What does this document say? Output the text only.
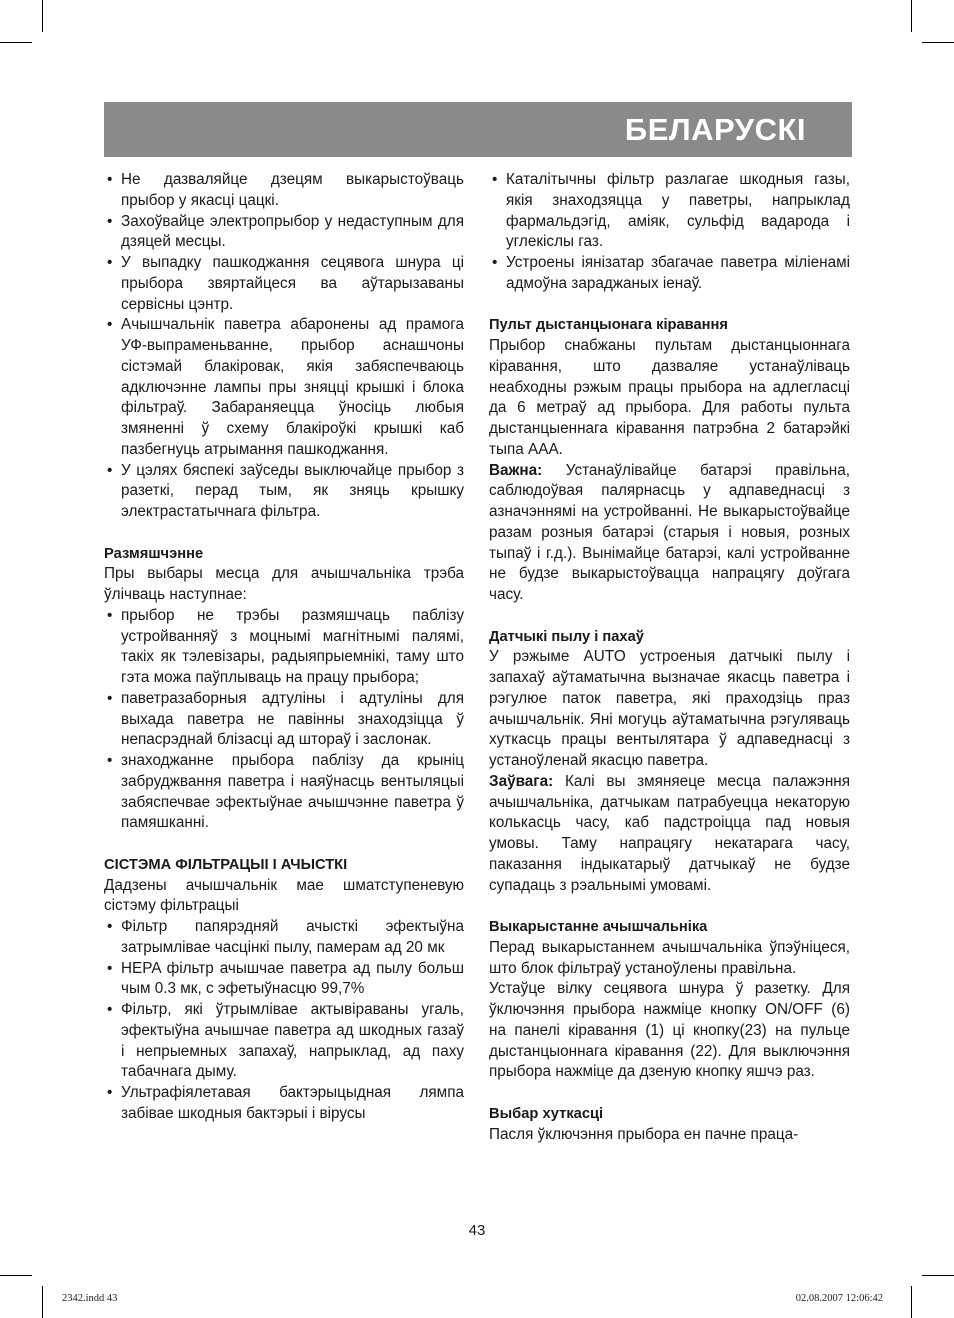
БЕЛАРУСКІ
• Не дазваляйце дзецям выкарыстоўваць прыбор у якасці цацкі.
• Захоўвайце электропрыбор у недаступным для дзяцей месцы.
• У выпадку пашкоджання сецявога шнура ці прыбора звяртайцеся ва аўтарызаваны сервісны цэнтр.
• Ачышчальнік паветра абаронены ад прамога УФ-выпраменьванне, прыбор аснашчоны сістэмай блакіровак, якія забяспечваюць адключэнне лампы пры зняцці крышкі і блока фільтраў. Забараняецца ўносіць любыя змяненні ў схему блакіроўкі крышкі каб пазбегнуць атрымання пашкоджання.
• У цэлях бяспекі заўседы выключайце прыбор з разеткі, перад тым, як зняць крышку электрастатычнага фільтра.
Размяшчэнне

Пры выбары месца для ачышчальніка трэба ўлічваць наступнае:

• прыбор не трэбы размяшчаць паблізу устройванняў з моцнымі магнітнымі палямі, такіх як тэлевізары, радыяпрыемнікі, таму што гэта можа паўплываць на працу прыбора;
• паветразаборныя адтуліны і адтуліны для выхада паветра не павінны знаходзіцца ў непасрэднай блізасці ад штораў і заслонак.
• знаходжанне прыбора паблізу да крыніц забруджвання паветра і наяўнасць вентыляцыі забяспечвае эфектыўнае ачышчэнне паветра ў памяшканні.
СІСТЭМА ФІЛЬТРАЦЫІ І АЧЫСТКІ

Дадзены ачышчальнік мае шматступеневую сістэму фільтрацыі

• Фільтр папярэдняй ачысткі эфектыўна затрымлівае часцінкі пылу, памерам ад 20 мк
• HEPA фільтр ачышчае паветра ад пылу больш чым 0.3 мк, с эфетыўнасцю 99,7%
• Фільтр, які ўтрымлівае актывіраваны угаль, эфектыўна ачышчае паветра ад шкодных газаў і непрыемных запахаў, напрыклад, ад паху табачнага дыму.
• Ультрафіялетавая бактэрыцыдная лямпа забівае шкодныя бактэрыі і вірусы
• Каталітычны фільтр разлагае шкодныя газы, якія знаходзяцца у паветры, напрыклад фармальдэгід, аміяк, сульфід вадарода і углекіслы газ.
• Устроены іянізатар збагачае паветра міліенамі адмоўна зараджаных іенаў.
Пульт дыстанцыонага кіравання

Прыбор снабжаны пультам дыстанцыоннага кіравання, што дазваляе устанаўліваць неабходны рэжым працы прыбора на адлегласці да 6 метраў ад прыбора. Для работы пульта дыстанцыеннага кіравання патрэбна 2 батарэйкі тыпа ААА.

Важна: Устанаўлівайце батарэі правільна, саблюдоўвая палярнасць у адпаведнасці з азначэннямі на устройванні. Не выкарыстоўвайце разам розныя батарэі (старыя і новыя, розных тыпаў і г.д.). Вынімайце батарэі, калі устройванне не будзе выкарыстоўвацца напрацягу доўгага часу.

Датчыкі пылу і пахаў

У рэжыме AUTO устроеныя датчыкі пылу і запахаў аўтаматычна вызначае якасць паветра і рэгулюе паток паветра, які праходзіць праз ачышчальнік. Яні могуць аўтаматычна рэгуляваць хуткасць працы вентылятара ў адпаведнасці з устаноўленай якасцю паветра.

Заўвага: Калі вы змяняеце месца палажэння ачышчальніка, датчыкам патрабуецца некаторую колькасць часу, каб падстроіцца пад новыя умовы. Таму напрацягу некатарага часу, паказання індыкатарыў датчыкаў не будзе супадаць з рэальнымі умовамі.

Выкарыстанне ачышчальніка

Перад выкарыстаннем ачышчальніка ўпэўніцеся, што блок фільтраў устаноўлены правільна.

Устаўце вілку сецявога шнура ў разетку. Для ўключэння прыбора нажміце кнопку ON/OFF (6) на панелі кіравання (1) ці кнопку(23) на пульце дыстанцыоннага кіравання (22). Для выключэння прыбора нажміце да дзеную кнопку яшчэ раз.

Выбар хуткасці

Пасля ўключэння прыбора ен пачне праца-

43
2342.indd 43	02.08.2007 12:06:42
